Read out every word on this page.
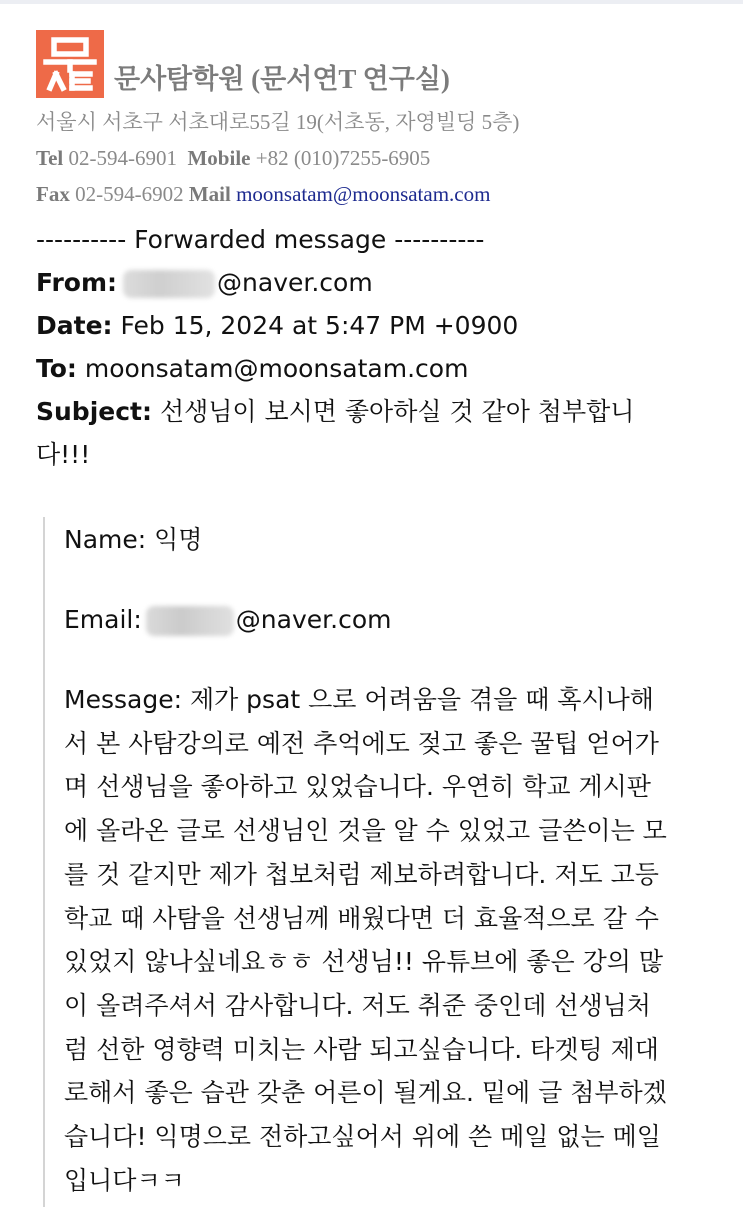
문사탐학원 (문서연T 연구실)
서울시 서초구 서초대로55길 19(서초동, 자영빌딩 5층)
Tel 02-594-6901 Mobile +82 (010)7255-6905
Fax 02-594-6902 Mail moonsatam@moonsatam.com
---------- Forwarded message ----------
From:	@naver.com
Date: Feb 15, 2024 at 5:47 PM +0900
To: moonsatam@moonsatam.com
Subject: 선생님이 보시면 좋아하실 것 같아 첨부합니
다!!!
Name: 익명
Email:	@naver.com
Message: 제가 psat 으로 어려움을 겪을 때 혹시나해
서 본 사탐강의로 예전 추억에도 젖고 좋은 꿀팁 얻어가
며 선생님을 좋아하고 있었습니다. 우연히 학교 게시판
에 올라온 글로 선생님인 것을 알 수 있었고 글쓴이는 모
를 것 같지만 제가 첩보처럼 제보하려합니다. 저도 고등
학교 때 사탐을 선생님께 배웠다면 더 효율적으로 갈 수
있었지 않나싶네요ㅎㅎ 선생님!! 유튜브에 좋은 강의 많
이 올려주셔서 감사합니다. 저도 취준 중인데 선생님처
럼 선한 영향력 미치는 사람 되고싶습니다. 타겟팅 제대
로해서 좋은 습관 갖춘 어른이 될게요. 밑에 글 첨부하겠
습니다! 익명으로 전하고싶어서 위에 쓴 메일 없는 메일
입니다ㅋㅋ
